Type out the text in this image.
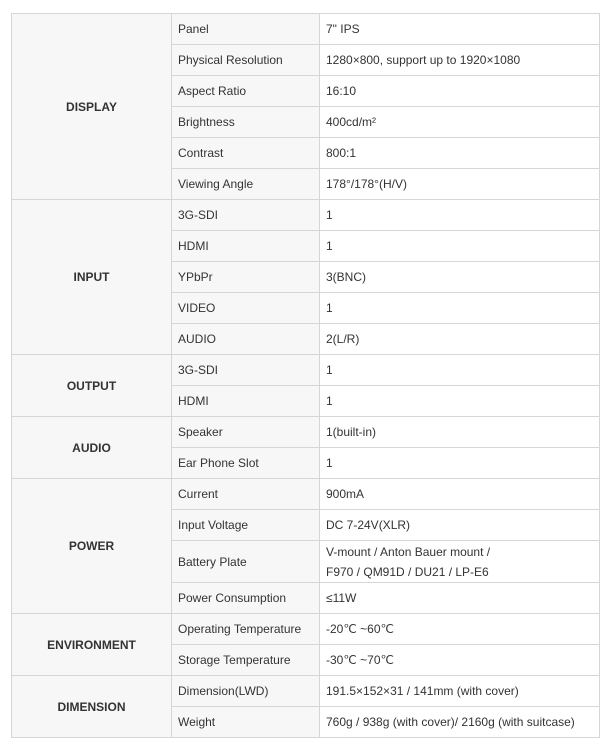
DISPLAY	Panel	7" IPS
	Physical Resolution	1280×800, support up to 1920×1080
	Aspect Ratio	16:10
	Brightness	400cd/m²
	Contrast	800:1
	Viewing Angle	178°/178°(H/V)
INPUT	3G-SDI	1
	HDMI	1
	YPbPr	3(BNC)
	VIDEO	1
	AUDIO	2(L/R)
OUTPUT	3G-SDI	1
	HDMI	1
AUDIO	Speaker	1(built-in)
	Ear Phone Slot	1
POWER	Current	900mA
	Input Voltage	DC 7-24V(XLR)
	Battery Plate	V-mount / Anton Bauer mount /
F970 / QM91D / DU21 / LP-E6

	Power Consumption	≤11W
ENVIRONMENT	Operating Temperature	-20℃ ~60℃
	Storage Temperature	-30℃ ~70℃
DIMENSION	Dimension(LWD)	191.5×152×31 / 141mm (with cover)
	Weight	760g / 938g (with cover)/ 2160g (with suitcase)
